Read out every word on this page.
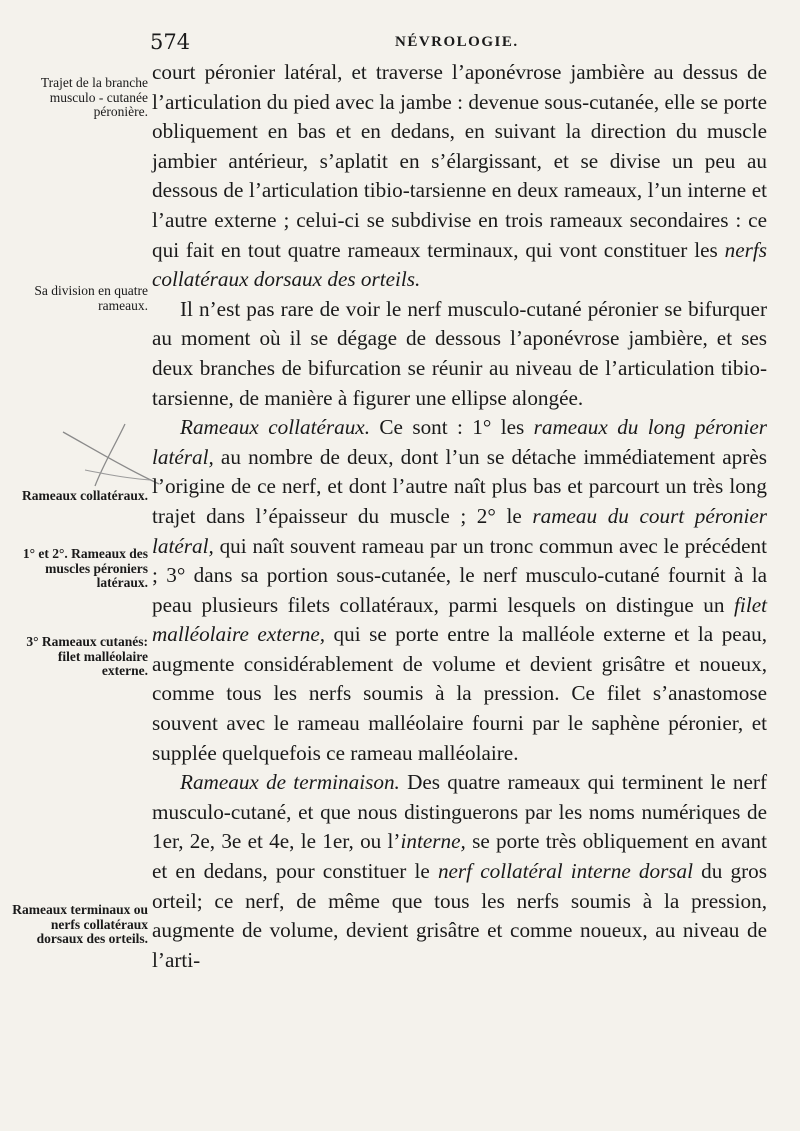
574	NÉVROLOGIE.
Trajet de la branche musculo - cutanée péronière.
Sa division en quatre rameaux.
Rameaux collatéraux.
1° et 2°. Rameaux des muscles péroniers latéraux.
3° Rameaux cutanés: filet malléolaire externe.
Rameaux terminaux ou nerfs collatéraux dorsaux des orteils.

court péronier latéral, et traverse l’aponévrose jambière au dessus de l’articulation du pied avec la jambe : devenue sous-cutanée, elle se porte obliquement en bas et en dedans, en suivant la direction du muscle jambier antérieur, s’aplatit en s’élargissant, et se divise un peu au dessous de l’articulation tibio-tarsienne en deux rameaux, l’un interne et l’autre externe ; celui-ci se subdivise en trois rameaux secondaires : ce qui fait en tout quatre rameaux terminaux, qui vont constituer les nerfs collatéraux dorsaux des orteils.

Il n’est pas rare de voir le nerf musculo-cutané péronier se bifurquer au moment où il se dégage de dessous l’aponévrose jambière, et ses deux branches de bifurcation se réunir au niveau de l’articulation tibio-tarsienne, de manière à figurer une ellipse alongée.

Rameaux collatéraux. Ce sont : 1° les rameaux du long péronier latéral, au nombre de deux, dont l’un se détache immédiatement après l’origine de ce nerf, et dont l’autre naît plus bas et parcourt un très long trajet dans l’épaisseur du muscle ; 2° le rameau du court péronier latéral, qui naît souvent rameau par un tronc commun avec le précédent ; 3° dans sa portion sous-cutanée, le nerf musculo-cutané fournit à la peau plusieurs filets collatéraux, parmi lesquels on distingue un filet malléolaire externe, qui se porte entre la malléole externe et la peau, augmente considérablement de volume et devient grisâtre et noueux, comme tous les nerfs soumis à la pression. Ce filet s’anastomose souvent avec le rameau malléolaire fourni par le saphène péronier, et supplée quelquefois ce rameau malléolaire.

Rameaux de terminaison. Des quatre rameaux qui terminent le nerf musculo-cutané, et que nous distinguerons par les noms numériques de 1er, 2e, 3e et 4e, le 1er, ou l’interne, se porte très obliquement en avant et en dedans, pour constituer le nerf collatéral interne dorsal du gros orteil; ce nerf, de même que tous les nerfs soumis à la pression, augmente de volume, devient grisâtre et comme noueux, au niveau de l’arti-
